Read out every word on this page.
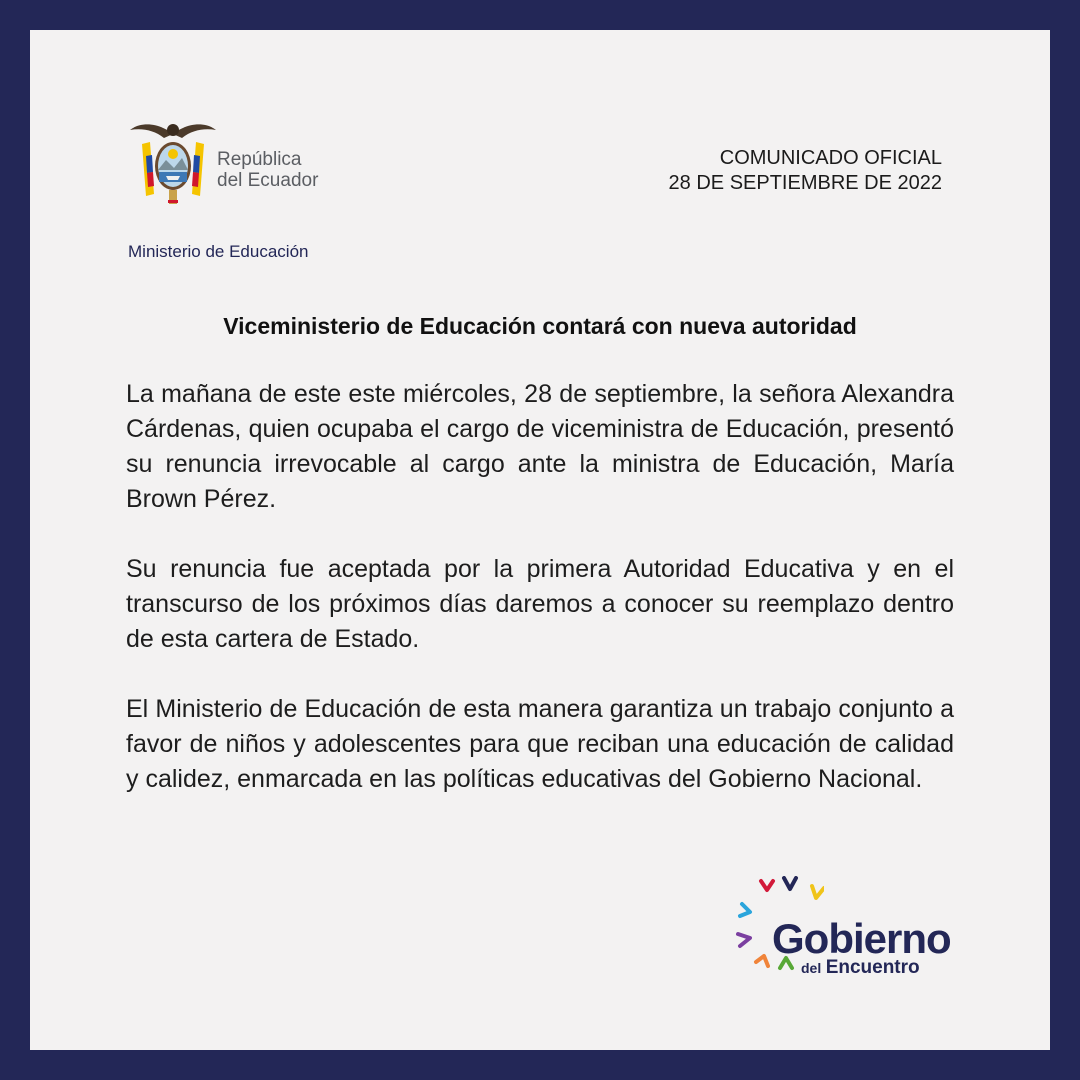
República
del Ecuador
Ministerio de Educación
COMUNICADO OFICIAL
28 DE SEPTIEMBRE DE 2022
Viceministerio de Educación contará con nueva autoridad

La mañana de este este miércoles, 28 de septiembre, la señora Alexandra Cárdenas, quien ocupaba el cargo de viceministra de Educación, presentó su renuncia irrevocable al cargo ante la ministra de Educación, María Brown Pérez.

Su renuncia fue aceptada por la primera Autoridad Educativa y en el transcurso de los próximos días daremos a conocer su reemplazo dentro de esta cartera de Estado.

El Ministerio de Educación de esta manera garantiza un trabajo conjunto a favor de niños y adolescentes para que reciban una educación de calidad y calidez, enmarcada en las políticas educativas del Gobierno Nacional.

Gobierno
del Encuentro
